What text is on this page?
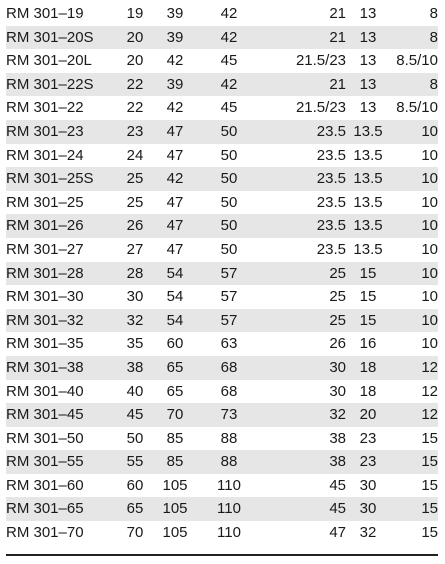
RM 301–19	19	39	42	21	13	8
RM 301–20S	20	39	42	21	13	8
RM 301–20L	20	42	45	21.5/23	13	8.5/10
RM 301–22S	22	39	42	21	13	8
RM 301–22	22	42	45	21.5/23	13	8.5/10
RM 301–23	23	47	50	23.5	13.5	10
RM 301–24	24	47	50	23.5	13.5	10
RM 301–25S	25	42	50	23.5	13.5	10
RM 301–25	25	47	50	23.5	13.5	10
RM 301–26	26	47	50	23.5	13.5	10
RM 301–27	27	47	50	23.5	13.5	10
RM 301–28	28	54	57	25	15	10
RM 301–30	30	54	57	25	15	10
RM 301–32	32	54	57	25	15	10
RM 301–35	35	60	63	26	16	10
RM 301–38	38	65	68	30	18	12
RM 301–40	40	65	68	30	18	12
RM 301–45	45	70	73	32	20	12
RM 301–50	50	85	88	38	23	15
RM 301–55	55	85	88	38	23	15
RM 301–60	60	105	110	45	30	15
RM 301–65	65	105	110	45	30	15
RM 301–70	70	105	110	47	32	15
